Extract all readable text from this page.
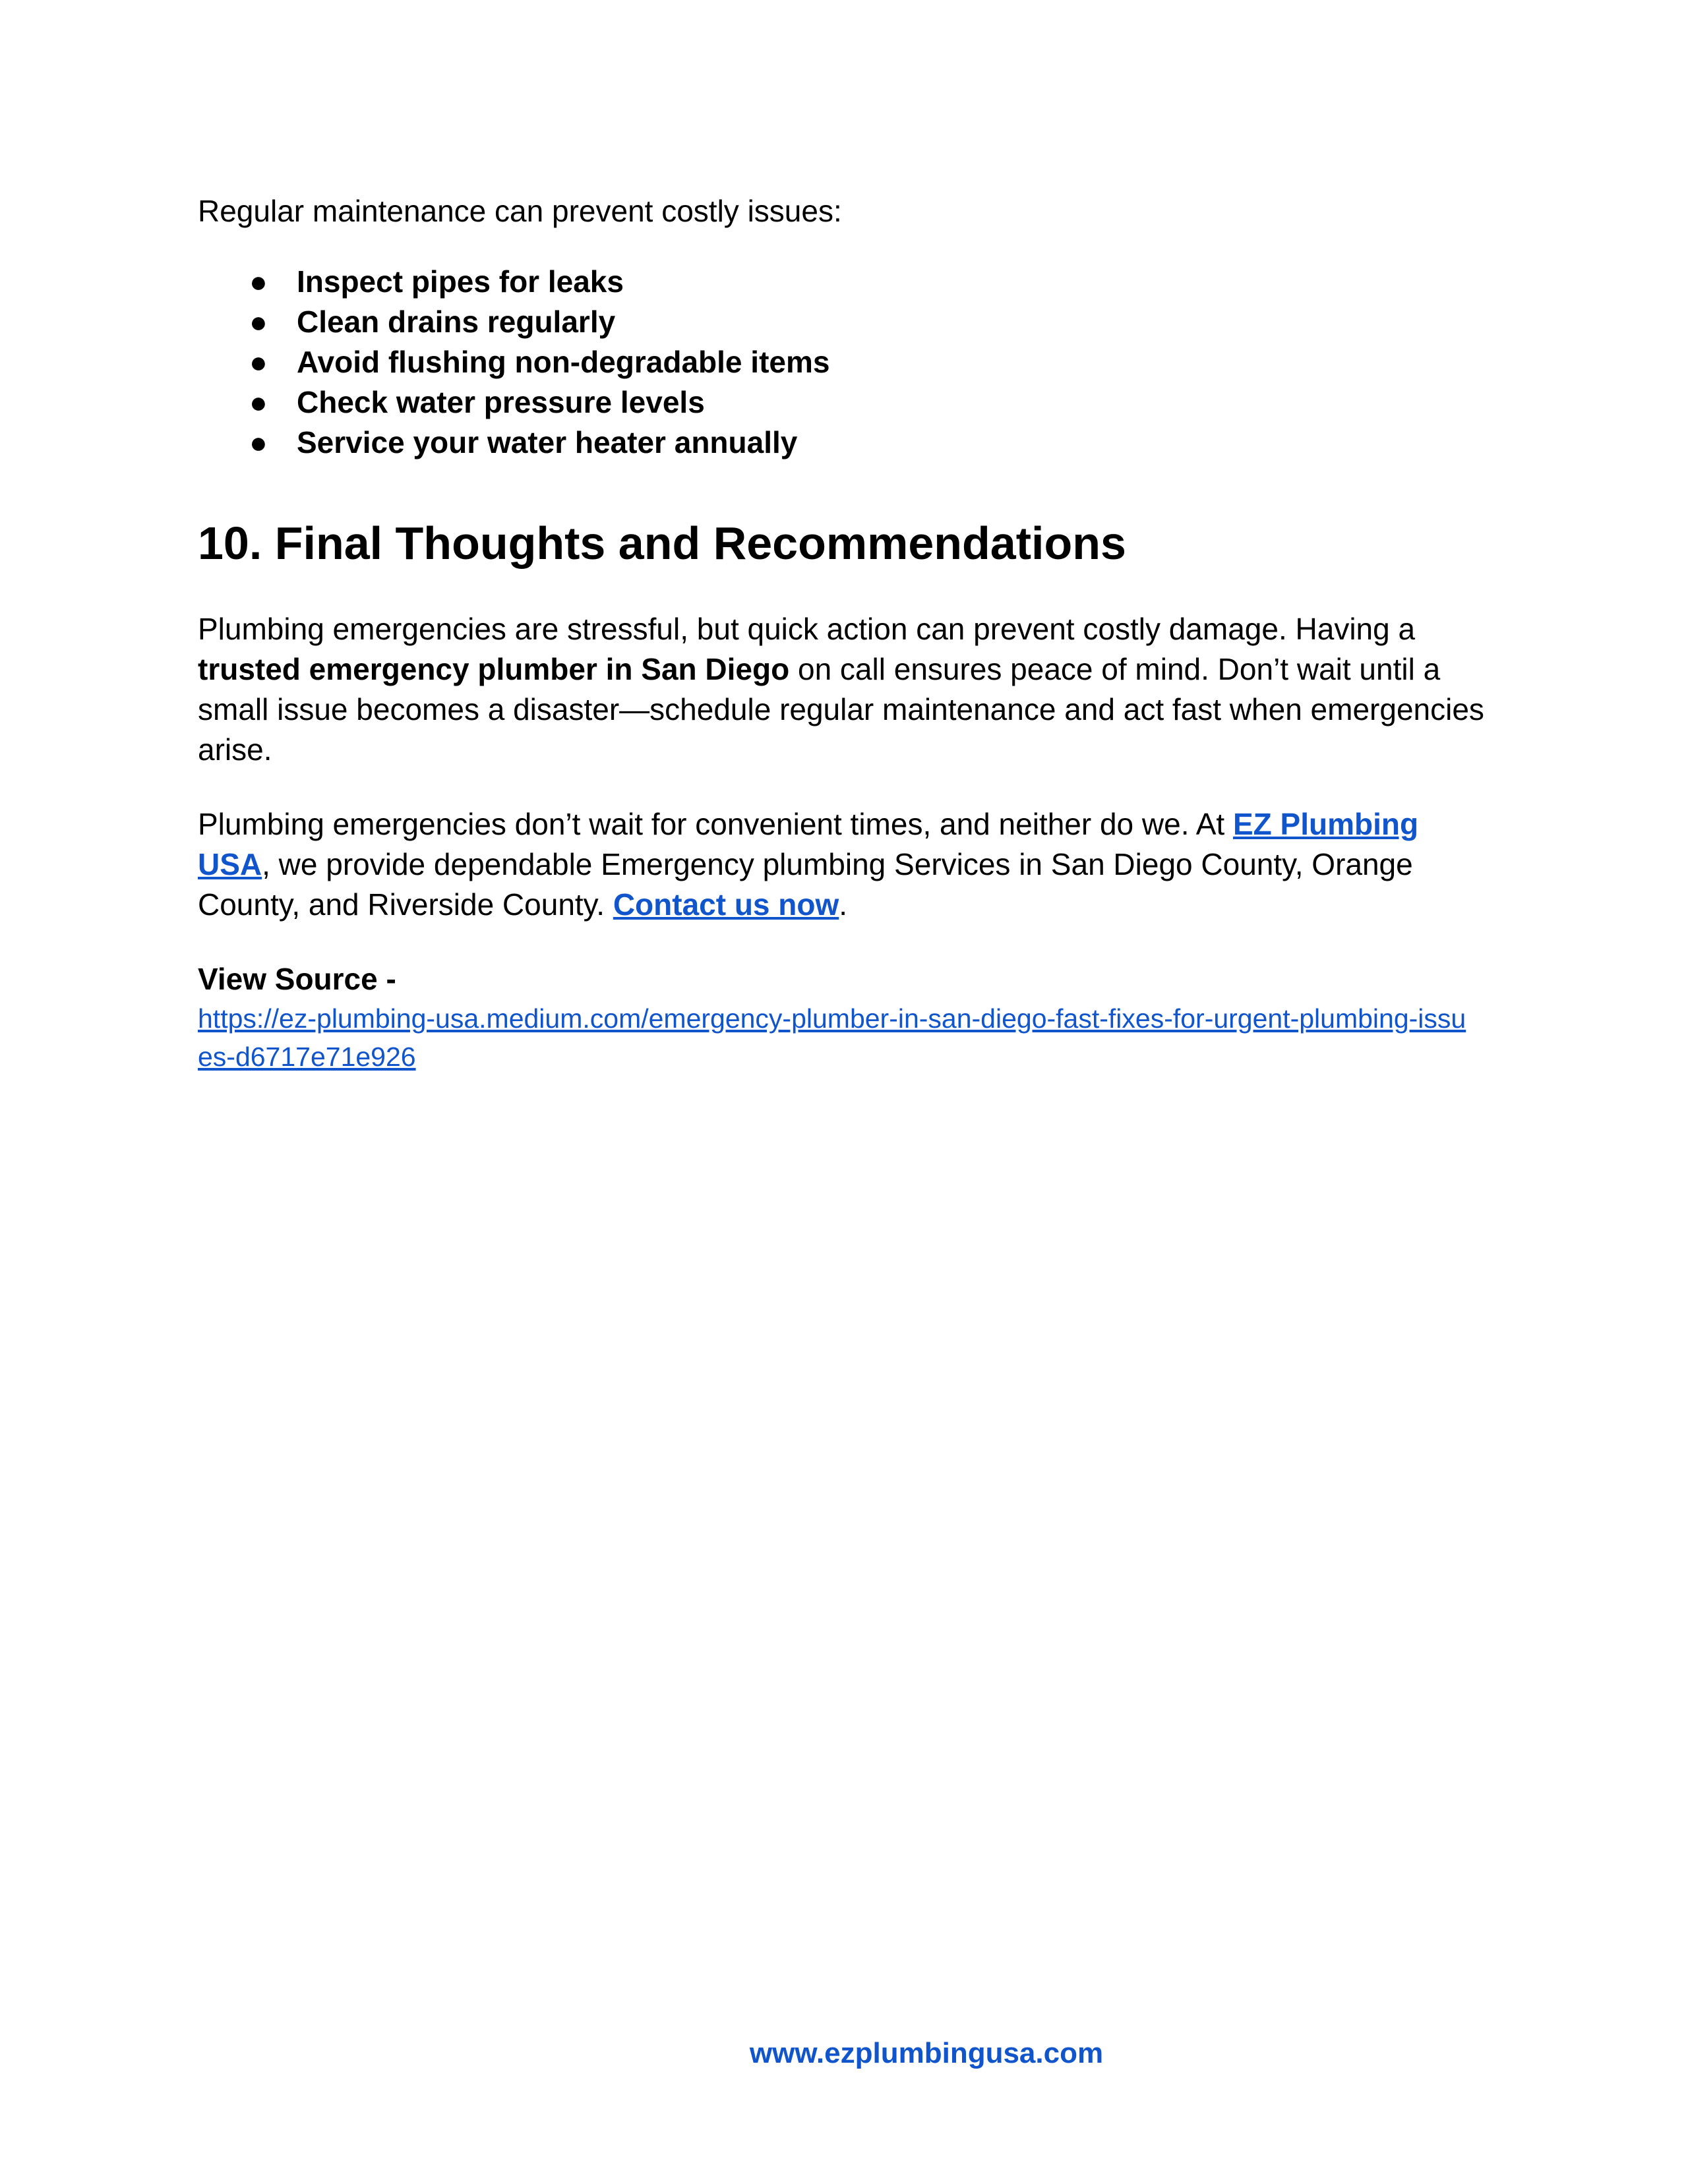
Regular maintenance can prevent costly issues:

● Inspect pipes for leaks
● Clean drains regularly
● Avoid flushing non-degradable items
● Check water pressure levels
● Service your water heater annually
10. Final Thoughts and Recommendations

Plumbing emergencies are stressful, but quick action can prevent costly damage. Having a trusted emergency plumber in San Diego on call ensures peace of mind. Don’t wait until a small issue becomes a disaster—schedule regular maintenance and act fast when emergencies arise.

Plumbing emergencies don’t wait for convenient times, and neither do we. At EZ Plumbing USA, we provide dependable Emergency plumbing Services in San Diego County, Orange County, and Riverside County. Contact us now.

View Source -

https://ez-plumbing-usa.medium.com/emergency-plumber-in-san-diego-fast-fixes-for-urgent-plumbing-issues-d6717e71e926
www.ezplumbingusa.com
